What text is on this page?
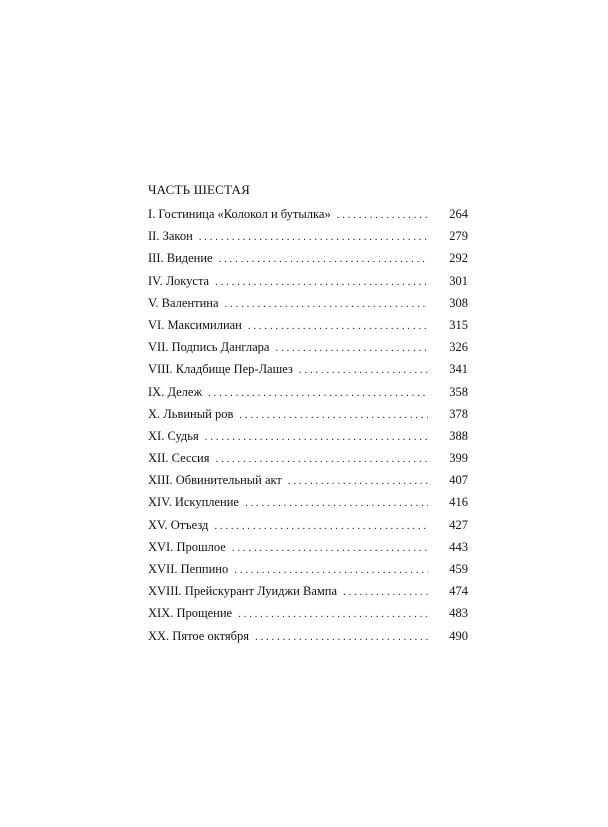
ЧАСТЬ ШЕСТАЯ
I. Гостиница «Колокол и бутылка» . . .	264
II. Закон . . .	279
III. Видение . . .	292
IV. Локуста . . .	301
V. Валентина . . .	308
VI. Максимилиан . . .	315
VII. Подпись Данглара . . .	326
VIII. Кладбище Пер-Лашез . . .	341
IX. Дележ . . .	358
X. Львиный ров . . .	378
XI. Судья . . .	388
XII. Сессия . . .	399
XIII. Обвинительный акт . . .	407
XIV. Искупление . . .	416
XV. Отъезд . . .	427
XVI. Прошлое . . .	443
XVII. Пеппино . . .	459
XVIII. Прейскурант Луиджи Вампа . . .	474
XIX. Прощение . . .	483
XX. Пятое октября . . .	490
